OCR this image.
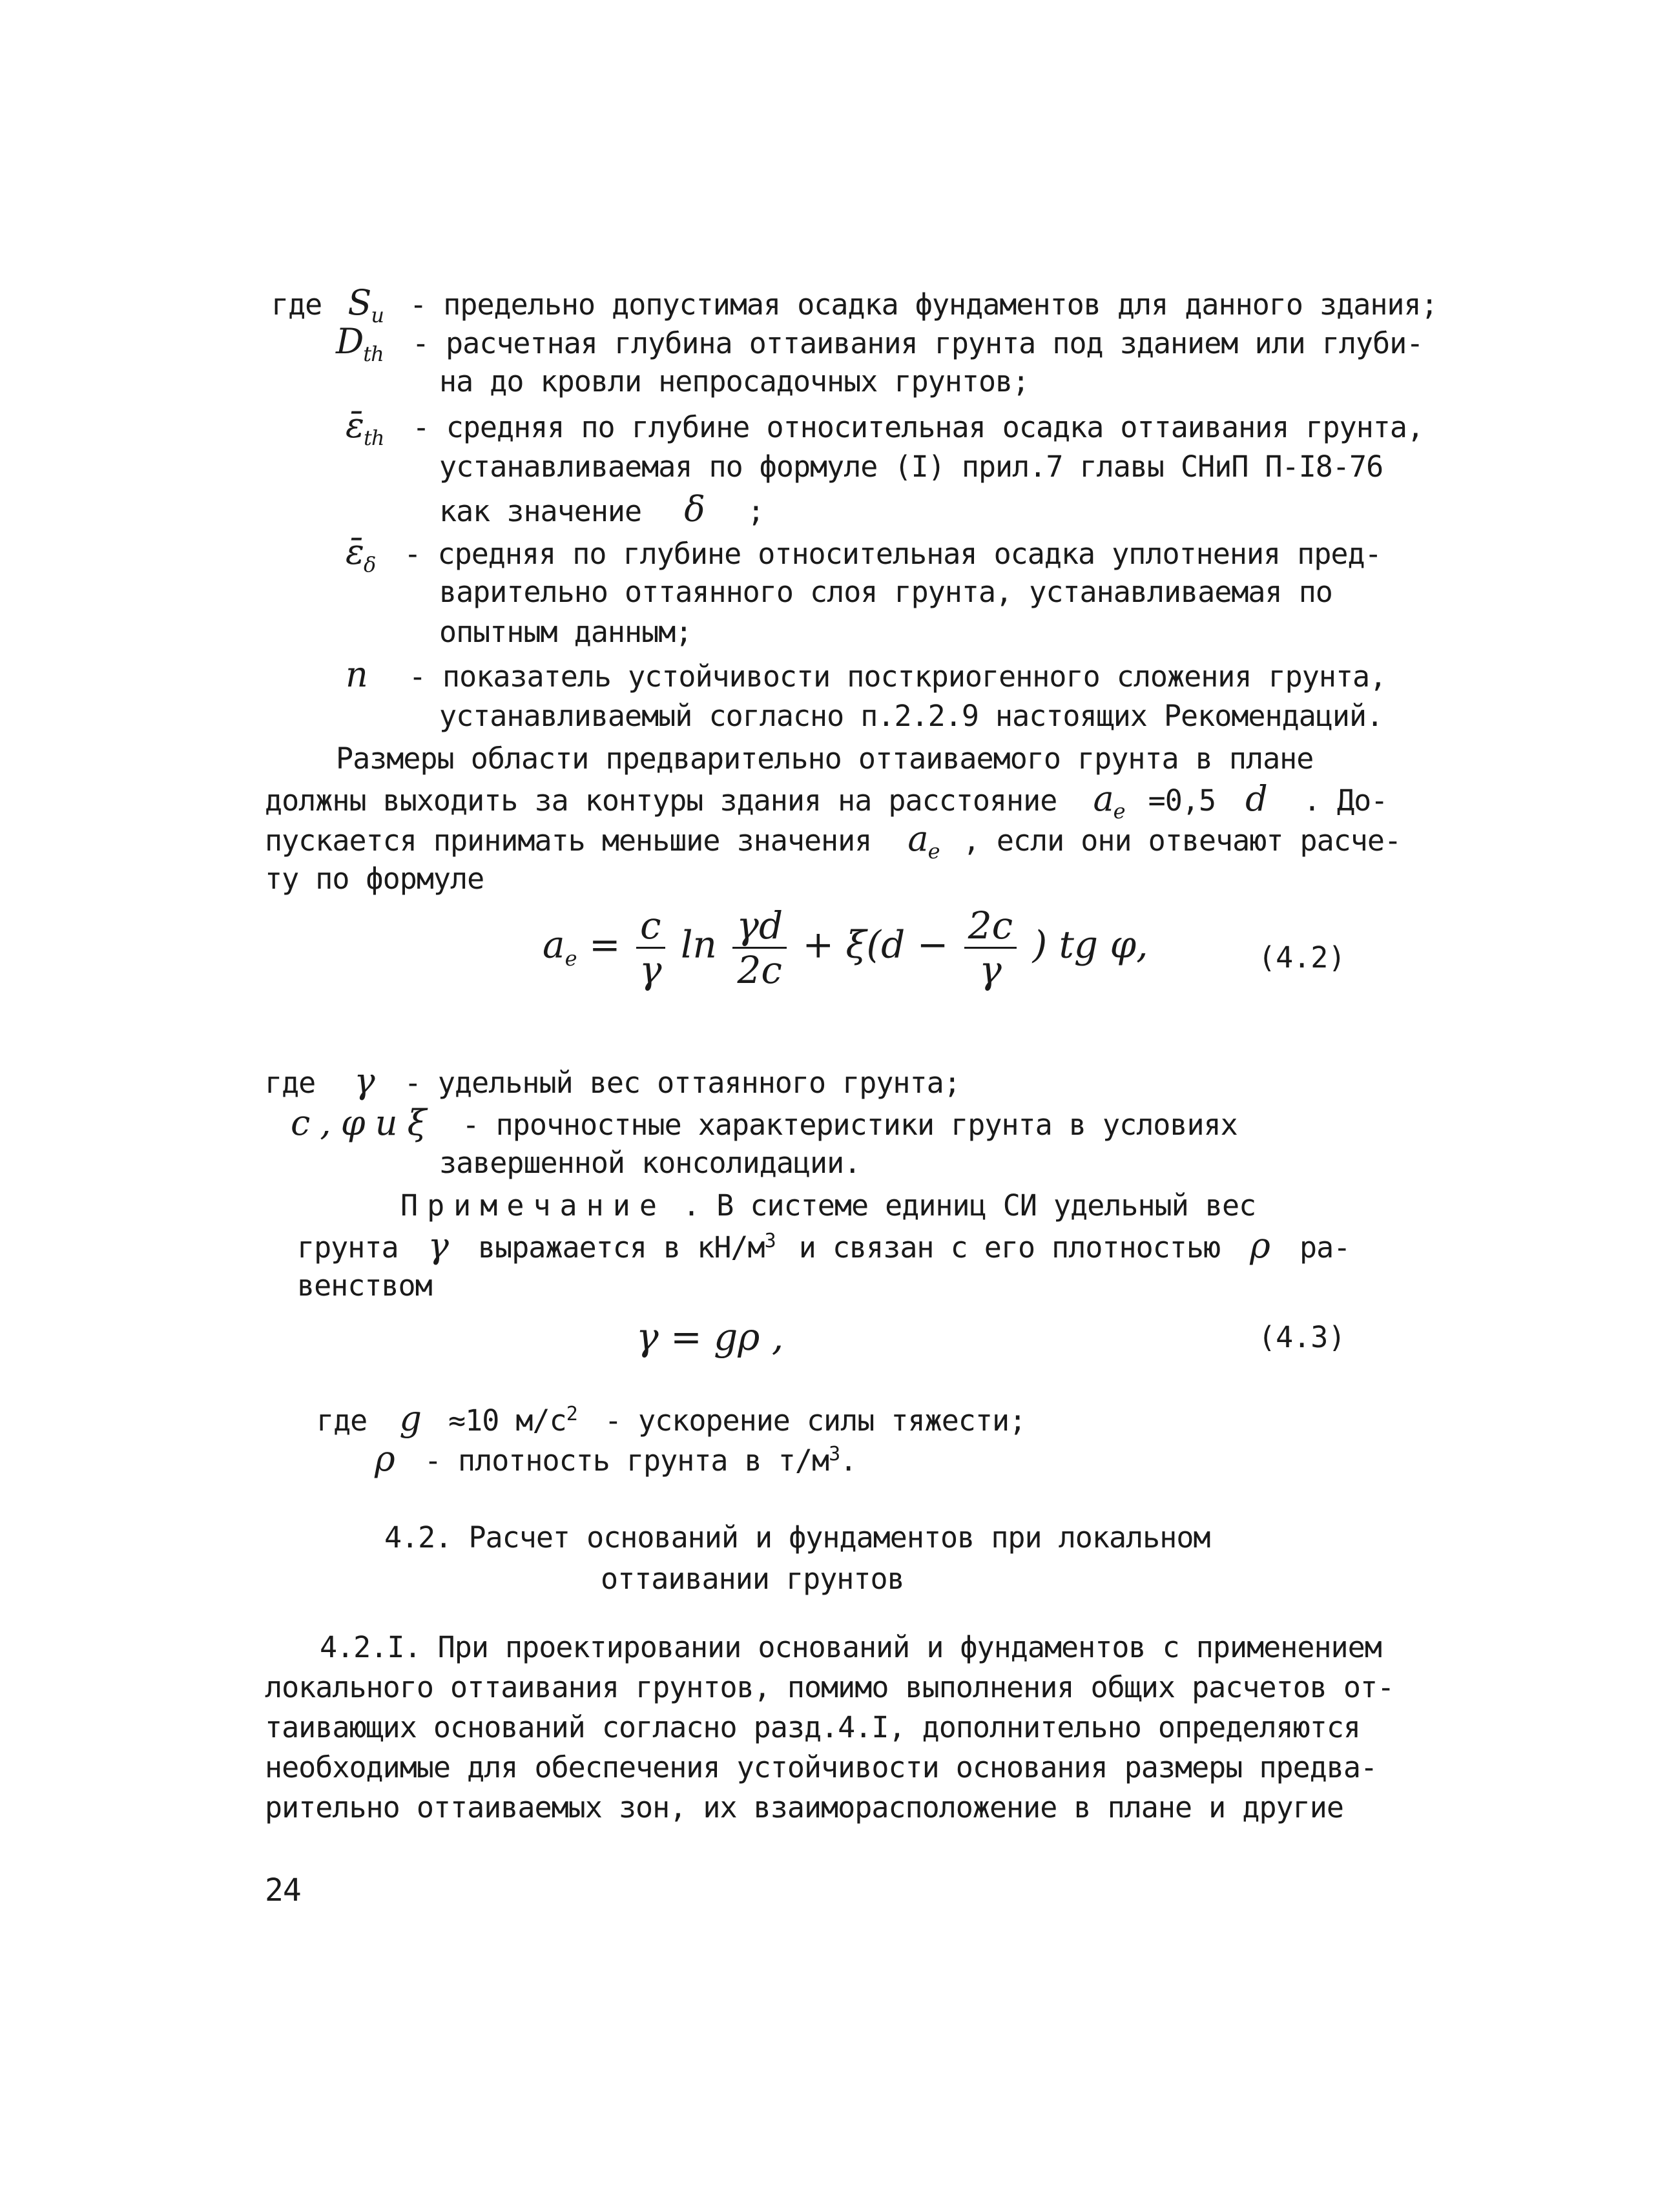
где $S_u$ - предельно допустимая осадка фундаментов для данного здания;
$D_{th}$ - расчетная глубина оттаивания грунта под зданием или глуби-
на до кровли непросадочных грунтов;
$\varepsilon̄_{th}$ - средняя по глубине относительная осадка оттаивания грунта,
устанавливаемая по формуле (I) прил.7 главы СНиП П-I8-76
как значение δ ;
$\varepsilon̄_\delta$ - средняя по глубине относительная осадка уплотнения пред-
варительно оттаянного слоя грунта, устанавливаемая по
опытным данным;
n - показатель устойчивости посткриогенного сложения грунта,
устанавливаемый согласно п.2.2.9 настоящих Рекомендаций.
Размеры области предварительно оттаиваемого грунта в плане
должны выходить за контуры здания на расстояние $a_e =0,5$ d . До-
пускается принимать меньшие значения $a_e$ , если они отвечают расче-
ту по формуле
$a_e = \frac{c}{\gamma}$ $\ln \frac{\gamma d}{2c} + \xi(d - \frac{2c}{\gamma}$ ) tg φ,	(4.2)
где γ - удельный вес оттаянного грунта;
c , φ и ξ - прочностные характеристики грунта в условиях
завершенной консолидации.
Примечание . В системе единиц СИ удельный вес
грунта γ выражается в $кН/м^3$ и связан с его плотностью ρ ра-
венством
γ = gρ ,	(4.3)
где g ≈10 $м/с^2$ - ускорение силы тяжести;
ρ - плотность грунта в $т/м^3$.
4.2. Расчет оснований и фундаментов при локальном
оттаивании грунтов
4.2.I. При проектировании оснований и фундаментов с применением
локального оттаивания грунтов, помимо выполнения общих расчетов от-
таивающих оснований согласно разд.4.I, дополнительно определяются
необходимые для обеспечения устойчивости основания размеры предва-
рительно оттаиваемых зон, их взаиморасположение в плане и другие
24
